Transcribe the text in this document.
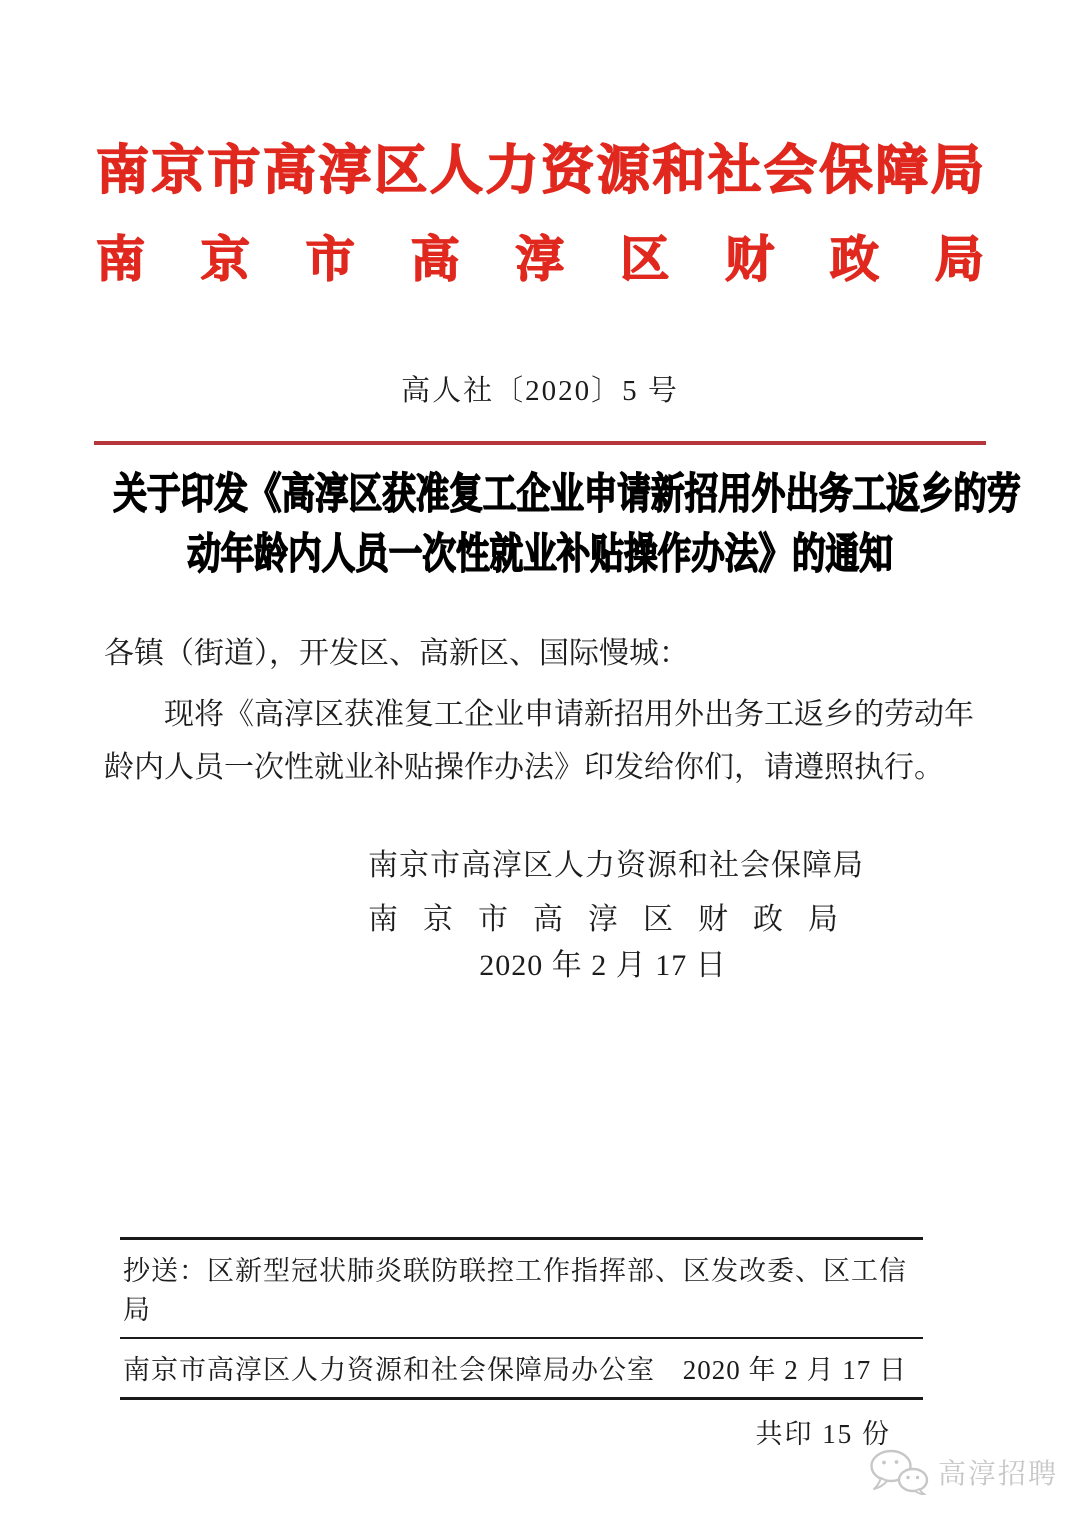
南 京 市 高 淳 区 人 力 资 源 和 社 会 保 障 局
南 京 市 高 淳 区 财 政 局
高人社〔2020〕5 号
关于印发《高淳区获准复工企业申请新招用外出务工返乡的劳
动年龄内人员一次性就业补贴操作办法》的通知
各镇（街道），开发区、高新区、国际慢城：

现将《高淳区获准复工企业申请新招用外出务工返乡的劳动年龄内人员一次性就业补贴操作办法》印发给你们，请遵照执行。

南京市高淳区人力资源和社会保障局
南 京 市 高 淳 区 财 政 局
2020 年 2 月 17 日
抄送：区新型冠状肺炎联防联控工作指挥部、区发改委、区工信局
南京市高淳区人力资源和社会保障局办公室 2020 年 2 月 17 日
共印 15 份
高淳招聘
